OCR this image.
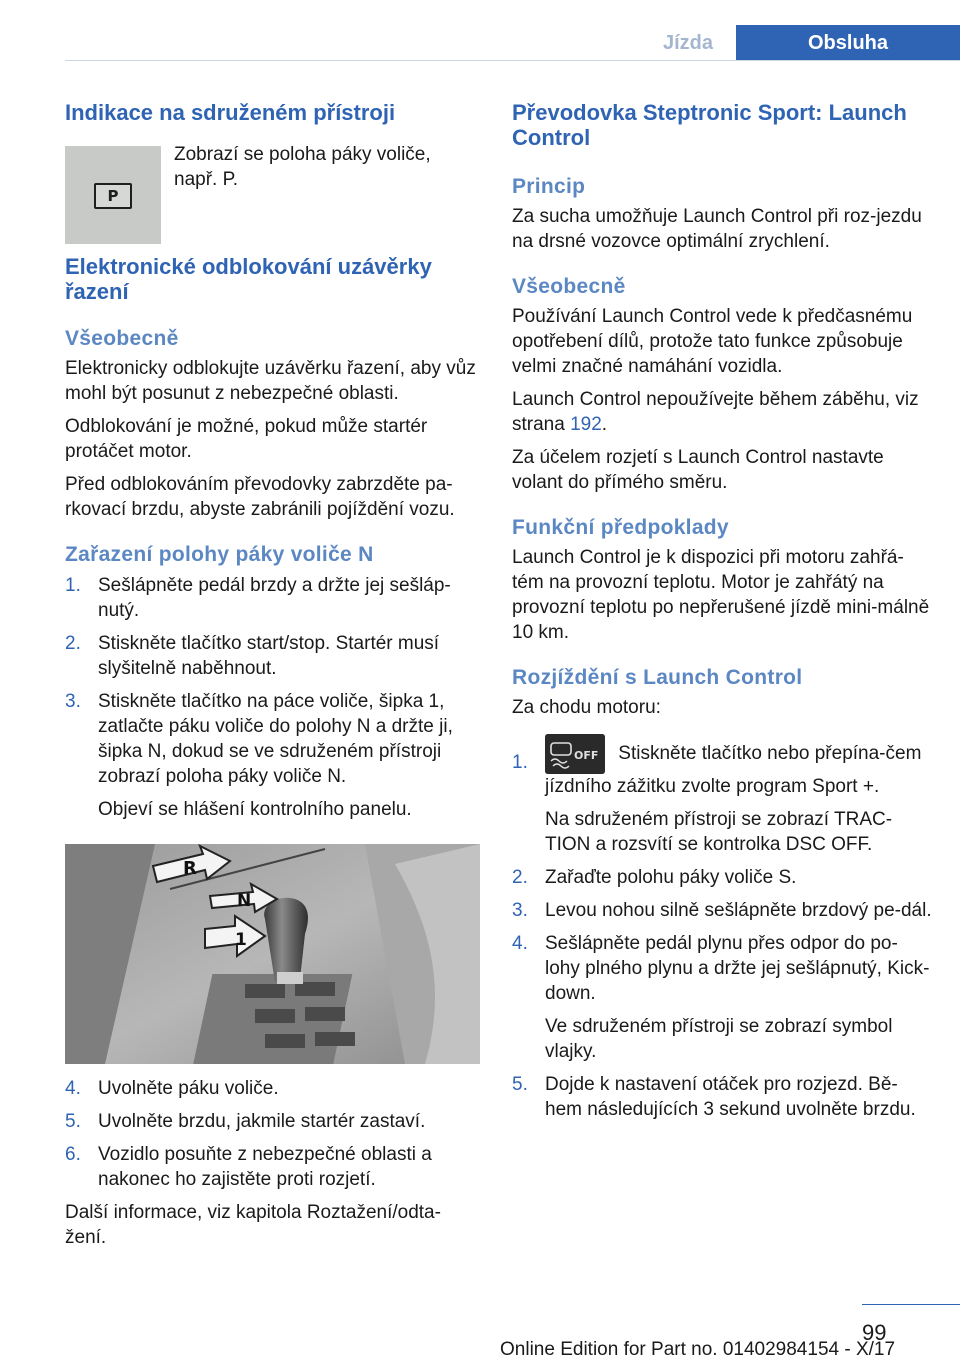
Jízda	Obsluha
Indikace na sdruženém přístroji
P
Zobrazí se poloha páky voliče, např. P.
Elektronické odblokování uzávěrky řazení
Všeobecně

Elektronicky odblokujte uzávěrku řazení, aby vůz mohl být posunut z nebezpečné oblasti.

Odblokování je možné, pokud může startér protáčet motor.

Před odblokováním převodovky zabrzděte pa-rkovací brzdu, abyste zabránili pojíždění vozu.

Zařazení polohy páky voliče N
1. Sešlápněte pedál brzdy a držte jej sešláp-nutý.
2. Stiskněte tlačítko start/stop. Startér musí slyšitelně naběhnout.
3. Stiskněte tlačítko na páce voliče, šipka 1, zatlačte páku voliče do polohy N a držte ji, šipka N, dokud se ve sdruženém přístroji zobrazí poloha páky voliče N.

Objeví se hlášení kontrolního panelu.

R
N
1
4. Uvolněte páku voliče.
5. Uvolněte brzdu, jakmile startér zastaví.
6. Vozidlo posuňte z nebezpečné oblasti a nakonec ho zajistěte proti rozjetí.

Další informace, viz kapitola Roztažení/odta-žení.

Převodovka Steptronic Sport: Launch Control
Princip

Za sucha umožňuje Launch Control při roz-jezdu na drsné vozovce optimální zrychlení.

Všeobecně

Používání Launch Control vede k předčasnému opotřebení dílů, protože tato funkce způsobuje velmi značné namáhání vozidla.

Launch Control nepoužívejte během záběhu, viz strana 192.

Za účelem rozjetí s Launch Control nastavte volant do přímého směru.

Funkční předpoklady

Launch Control je k dispozici při motoru zahřá-tém na provozní teplotu. Motor je zahřátý na provozní teplotu po nepřerušené jízdě mini-málně 10 km.

Rozjíždění s Launch Control

Za chodu motoru:

1.	OFF Stiskněte tlačítko nebo přepína-čem jízdního zážitku zvolte program Sport +.

Na sdruženém přístroji se zobrazí TRAC-TION a rozsvítí se kontrolka DSC OFF.

2. Zařaďte polohu páky voliče S.
3. Levou nohou silně sešlápněte brzdový pe-dál.
4. Sešlápněte pedál plynu přes odpor do po-lohy plného plynu a držte jej sešlápnutý, Kick-down.

Ve sdruženém přístroji se zobrazí symbol vlajky.

5. Dojde k nastavení otáček pro rozjezd. Bě-hem následujících 3 sekund uvolněte brzdu.
99
Online Edition for Part no. 01402984154 - X/17
